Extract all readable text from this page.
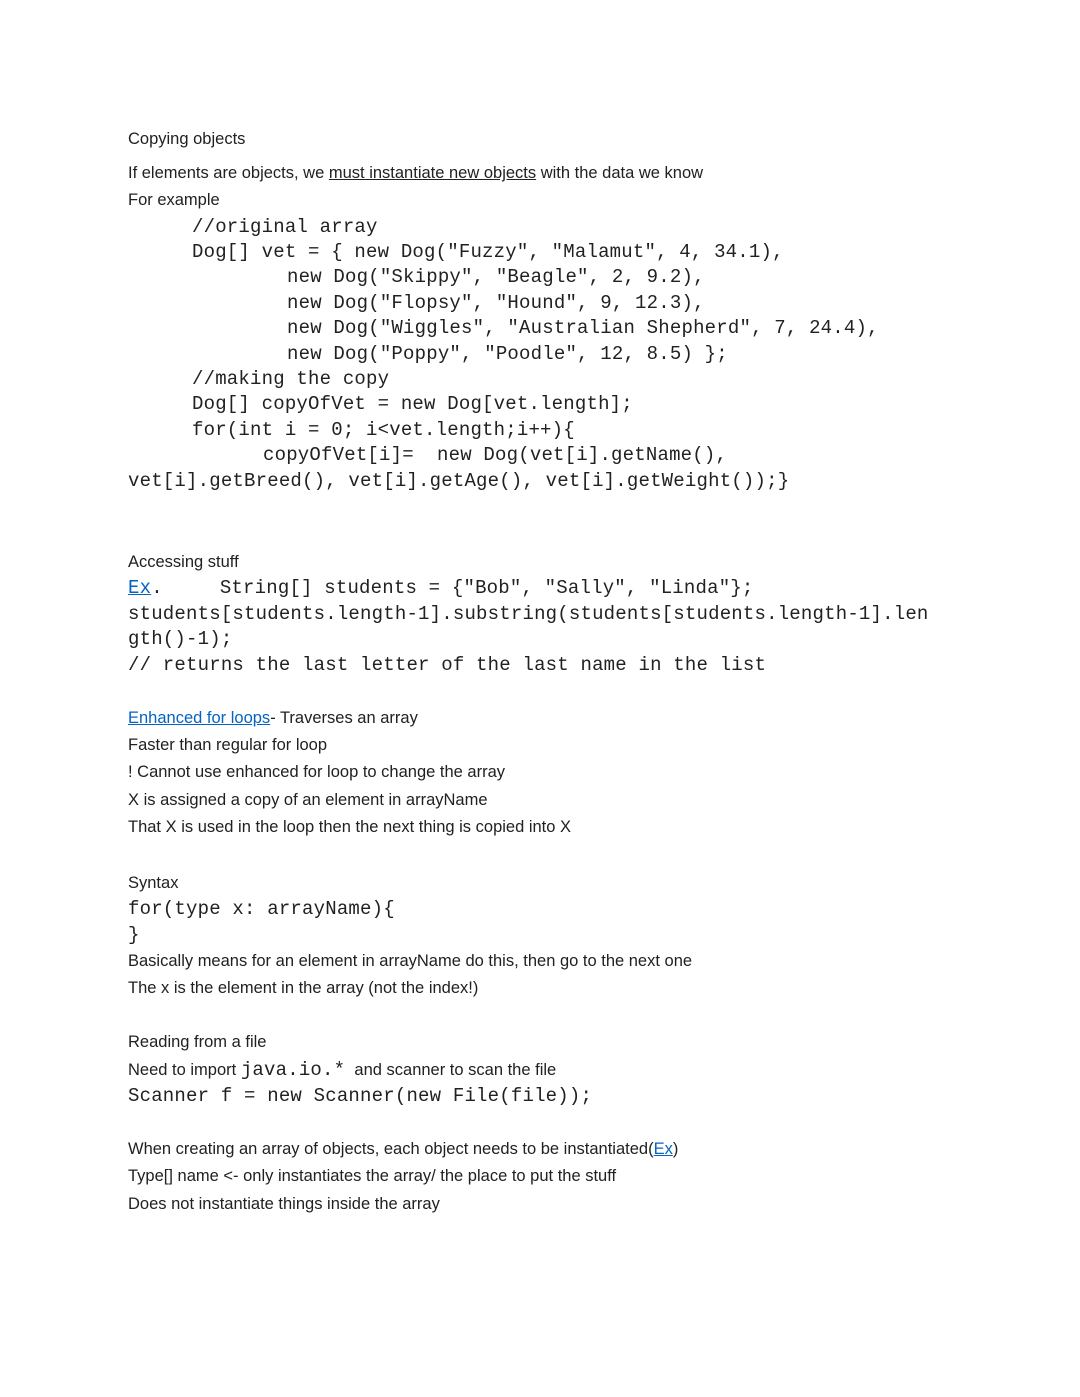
Copying objects

If elements are objects, we must instantiate new objects with the data we know

For example

//original array
Dog[] vet = { new Dog("Fuzzy", "Malamut", 4, 34.1),
new Dog("Skippy", "Beagle", 2, 9.2),
new Dog("Flopsy", "Hound", 9, 12.3),
new Dog("Wiggles", "Australian Shepherd", 7, 24.4),
new Dog("Poppy", "Poodle", 12, 8.5) };
//making the copy
Dog[] copyOfVet = new Dog[vet.length];
for(int i = 0; i<vet.length;i++){
copyOfVet[i]=  new Dog(vet[i].getName(),
vet[i].getBreed(), vet[i].getAge(), vet[i].getWeight());}

Accessing stuff

Ex.	String[] students = {"Bob", "Sally", "Linda"};
students[students.length-1].substring(students[students.length-1].len
gth()-1);
// returns the last letter of the last name in the list

Enhanced for loops- Traverses an array

Faster than regular for loop

! Cannot use enhanced for loop to change the array

X is assigned a copy of an element in arrayName

That X is used in the loop then the next thing is copied into X

Syntax

for(type x: arrayName){
}

Basically means for an element in arrayName do this, then go to the next one

The x is the element in the array (not the index!)

Reading from a file

Need to import java.io.*  and scanner to scan the file

Scanner f = new Scanner(new File(file));

When creating an array of objects, each object needs to be instantiated(Ex)

Type[] name <- only instantiates the array/ the place to put the stuff

Does not instantiate things inside the array
